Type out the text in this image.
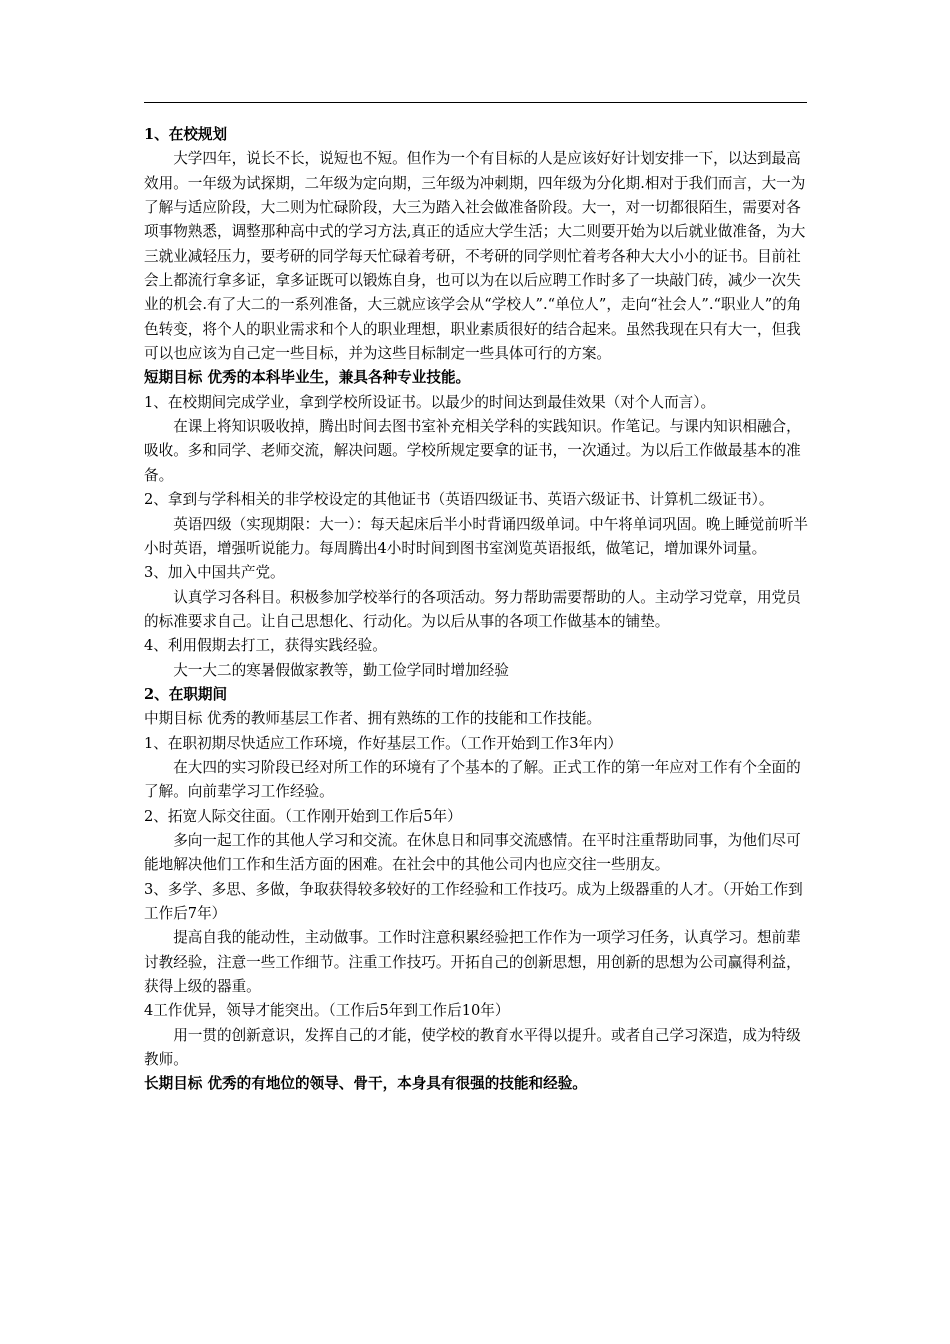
1、在校规划

大学四年，说长不长，说短也不短。但作为一个有目标的人是应该好好计划安排一下，以达到最高效用。一年级为试探期，二年级为定向期，三年级为冲刺期，四年级为分化期.相对于我们而言，大一为了解与适应阶段，大二则为忙碌阶段，大三为踏入社会做准备阶段。大一，对一切都很陌生，需要对各项事物熟悉，调整那种高中式的学习方法,真正的适应大学生活；大二则要开始为以后就业做准备，为大三就业减轻压力，要考研的同学每天忙碌着考研，不考研的同学则忙着考各种大大小小的证书。目前社会上都流行拿多证，拿多证既可以锻炼自身，也可以为在以后应聘工作时多了一块敲门砖，减少一次失业的机会.有了大二的一系列准备，大三就应该学会从“学校人”.“单位人”，走向“社会人”.“职业人”的角色转变，将个人的职业需求和个人的职业理想，职业素质很好的结合起来。虽然我现在只有大一，但我可以也应该为自己定一些目标，并为这些目标制定一些具体可行的方案。

短期目标 优秀的本科毕业生，兼具各种专业技能。

1、在校期间完成学业，拿到学校所设证书。以最少的时间达到最佳效果（对个人而言）。

在课上将知识吸收掉，腾出时间去图书室补充相关学科的实践知识。作笔记。与课内知识相融合，吸收。多和同学、老师交流，解决问题。学校所规定要拿的证书，一次通过。为以后工作做最基本的准备。

2、拿到与学科相关的非学校设定的其他证书（英语四级证书、英语六级证书、计算机二级证书）。

英语四级（实现期限：大一）：每天起床后半小时背诵四级单词。中午将单词巩固。晚上睡觉前听半小时英语，增强听说能力。每周腾出4小时时间到图书室浏览英语报纸，做笔记，增加课外词量。

3、加入中国共产党。

认真学习各科目。积极参加学校举行的各项活动。努力帮助需要帮助的人。主动学习党章，用党员的标准要求自己。让自己思想化、行动化。为以后从事的各项工作做基本的铺垫。

4、利用假期去打工，获得实践经验。

大一大二的寒暑假做家教等，勤工俭学同时增加经验

2、在职期间

中期目标 优秀的教师基层工作者、拥有熟练的工作的技能和工作技能。

1、在职初期尽快适应工作环境，作好基层工作。（工作开始到工作3年内）

在大四的实习阶段已经对所工作的环境有了个基本的了解。正式工作的第一年应对工作有个全面的了解。向前辈学习工作经验。

2、拓宽人际交往面。（工作刚开始到工作后5年）

多向一起工作的其他人学习和交流。在休息日和同事交流感情。在平时注重帮助同事，为他们尽可能地解决他们工作和生活方面的困难。在社会中的其他公司内也应交往一些朋友。

3、多学、多思、多做，争取获得较多较好的工作经验和工作技巧。成为上级器重的人才。（开始工作到工作后7年）

提高自我的能动性，主动做事。工作时注意积累经验把工作作为一项学习任务，认真学习。想前辈讨教经验，注意一些工作细节。注重工作技巧。开拓自己的创新思想，用创新的思想为公司赢得利益，获得上级的器重。

4工作优异，领导才能突出。（工作后5年到工作后10年）

用一贯的创新意识，发挥自己的才能，使学校的教育水平得以提升。或者自己学习深造，成为特级教师。

长期目标 优秀的有地位的领导、骨干，本身具有很强的技能和经验。
